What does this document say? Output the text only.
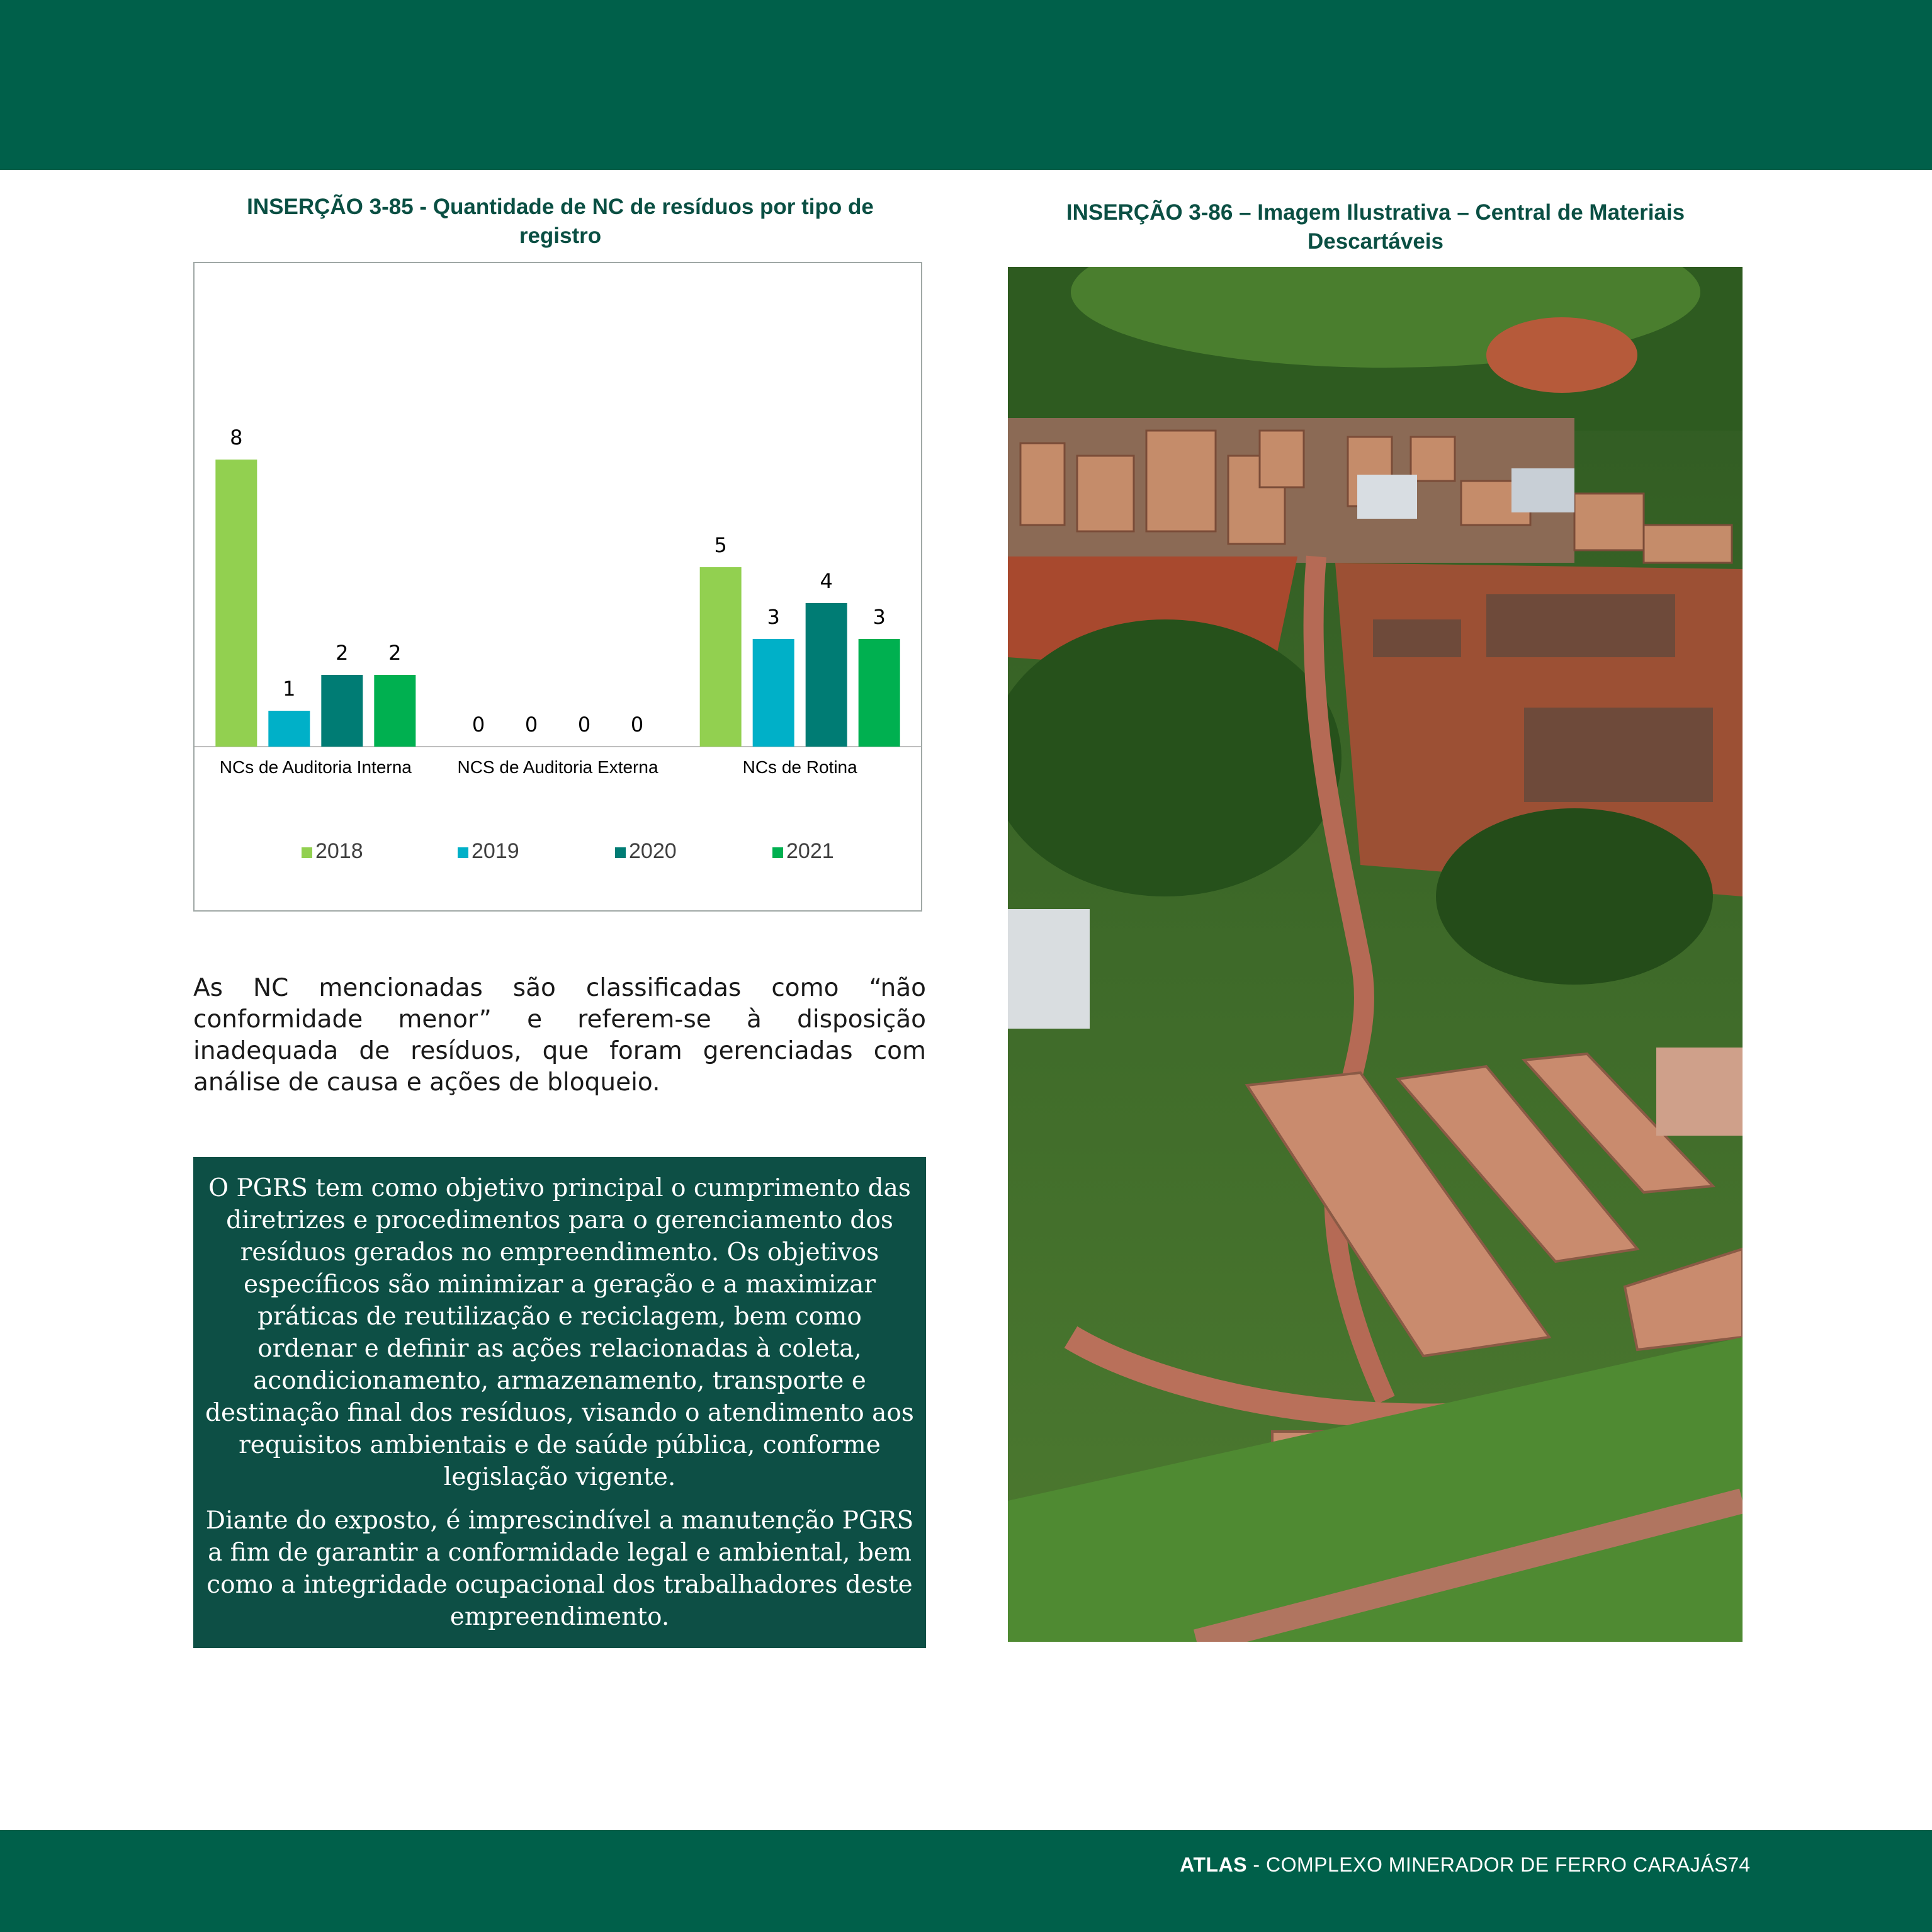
INSERÇÃO 3-85 - Quantidade de NC de resíduos por tipo de registro
8
1
2 2
NCs de Auditoria Interna
0 0 0 0
NCS de Auditoria Externa
5
3
4
3
NCs de Rotina
2018	2019	2020	2021
INSERÇÃO 3-86 – Imagem Ilustrativa – Central de Materiais Descartáveis

As NC mencionadas são classificadas como “não conformidade menor” e referem-se à disposição inadequada de resíduos, que foram gerenciadas com análise de causa e ações de bloqueio.

O PGRS tem como objetivo principal o cumprimento das diretrizes e procedimentos para o gerenciamento dos resíduos gerados no empreendimento. Os objetivos específicos são minimizar a geração e a maximizar práticas de reutilização e reciclagem, bem como ordenar e definir as ações relacionadas à coleta, acondicionamento, armazenamento, transporte e destinação final dos resíduos, visando o atendimento aos requisitos ambientais e de saúde pública, conforme legislação vigente.

Diante do exposto, é imprescindível a manutenção PGRS a fim de garantir a conformidade legal e ambiental, bem como a integridade ocupacional dos trabalhadores deste empreendimento.

ATLAS - COMPLEXO MINERADOR DE FERRO CARAJÁS 74
